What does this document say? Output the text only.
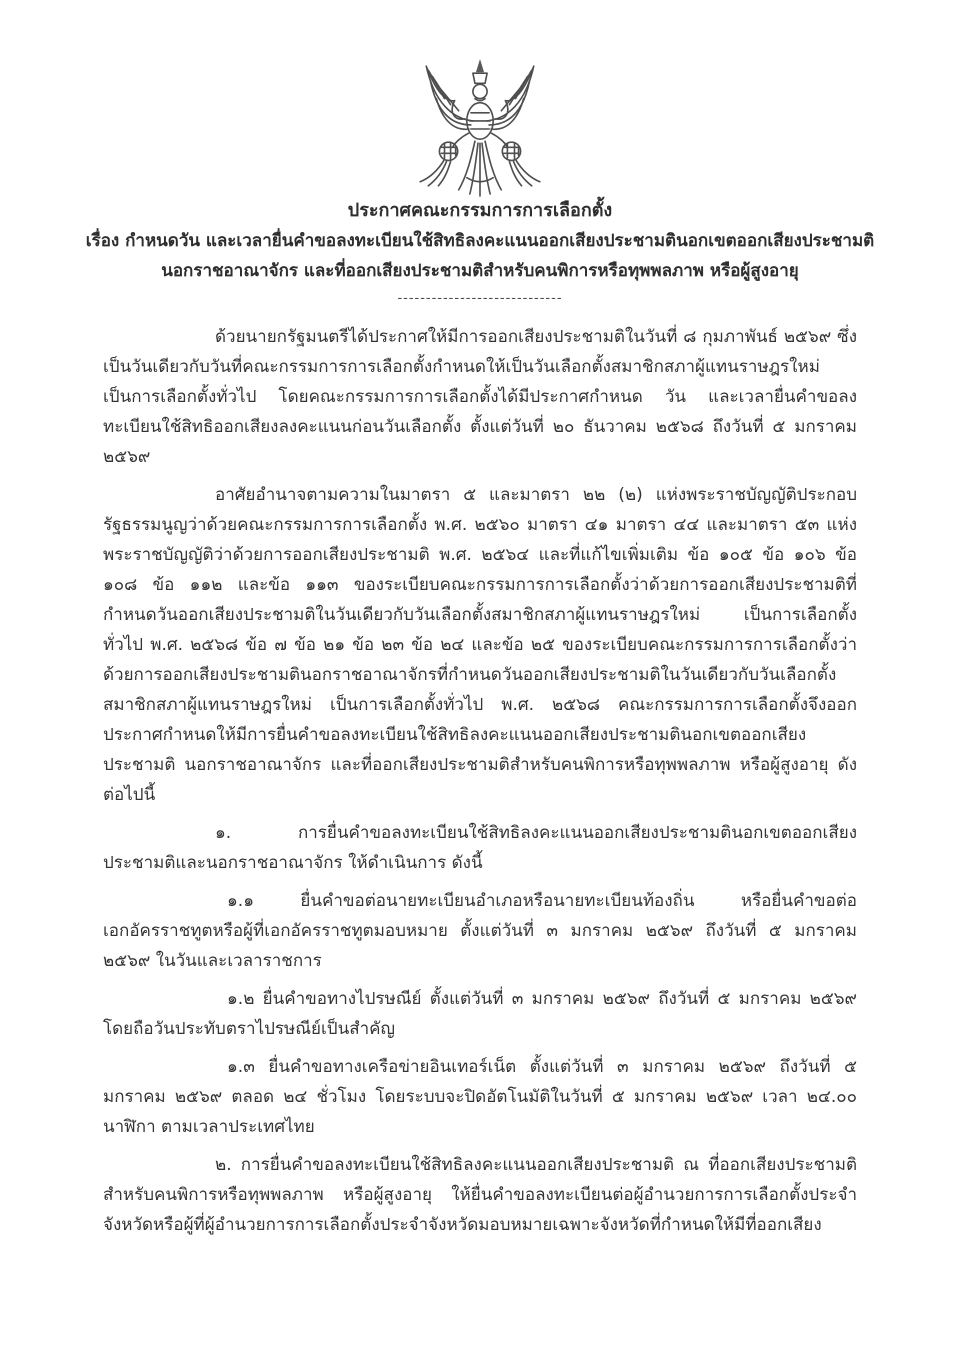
ประกาศคณะกรรมการการเลือกตั้ง
เรื่อง กำหนดวัน และเวลายื่นคำขอลงทะเบียนใช้สิทธิลงคะแนนออกเสียงประชามตินอกเขตออกเสียงประชามติ
นอกราชอาณาจักร และที่ออกเสียงประชามติสำหรับคนพิการหรือทุพพลภาพ หรือผู้สูงอายุ
-----------------------------

ด้วยนายกรัฐมนตรีได้ประกาศให้มีการออกเสียงประชามติในวันที่ ๘ กุมภาพันธ์ ๒๕๖๙ ซึ่งเป็นวันเดียวกับวันที่คณะกรรมการการเลือกตั้งกำหนดให้เป็นวันเลือกตั้งสมาชิกสภาผู้แทนราษฎรใหม่ เป็นการเลือกตั้งทั่วไป โดยคณะกรรมการการเลือกตั้งได้มีประกาศกำหนด วัน และเวลายื่นคำขอลงทะเบียนใช้สิทธิออกเสียงลงคะแนนก่อนวันเลือกตั้ง ตั้งแต่วันที่ ๒๐ ธันวาคม ๒๕๖๘ ถึงวันที่ ๕ มกราคม ๒๕๖๙

อาศัยอำนาจตามความในมาตรา ๕ และมาตรา ๒๒ (๒) แห่งพระราชบัญญัติประกอบรัฐธรรมนูญว่าด้วยคณะกรรมการการเลือกตั้ง พ.ศ. ๒๕๖๐ มาตรา ๔๑ มาตรา ๔๔ และมาตรา ๕๓ แห่งพระราชบัญญัติว่าด้วยการออกเสียงประชามติ พ.ศ. ๒๕๖๔ และที่แก้ไขเพิ่มเติม ข้อ ๑๐๕ ข้อ ๑๐๖ ข้อ ๑๐๘ ข้อ ๑๑๒ และข้อ ๑๑๓ ของระเบียบคณะกรรมการการเลือกตั้งว่าด้วยการออกเสียงประชามติที่กำหนดวันออกเสียงประชามติในวันเดียวกับวันเลือกตั้งสมาชิกสภาผู้แทนราษฎรใหม่ เป็นการเลือกตั้งทั่วไป พ.ศ. ๒๕๖๘ ข้อ ๗ ข้อ ๒๑ ข้อ ๒๓ ข้อ ๒๔ และข้อ ๒๕ ของระเบียบคณะกรรมการการเลือกตั้งว่าด้วยการออกเสียงประชามตินอกราชอาณาจักรที่กำหนดวันออกเสียงประชามติในวันเดียวกับวันเลือกตั้งสมาชิกสภาผู้แทนราษฎรใหม่ เป็นการเลือกตั้งทั่วไป พ.ศ. ๒๕๖๘ คณะกรรมการการเลือกตั้งจึงออกประกาศกำหนดให้มีการยื่นคำขอลงทะเบียนใช้สิทธิลงคะแนนออกเสียงประชามตินอกเขตออกเสียงประชามติ นอกราชอาณาจักร และที่ออกเสียงประชามติสำหรับคนพิการหรือทุพพลภาพ หรือผู้สูงอายุ ดังต่อไปนี้

๑. การยื่นคำขอลงทะเบียนใช้สิทธิลงคะแนนออกเสียงประชามตินอกเขตออกเสียงประชามติและนอกราชอาณาจักร ให้ดำเนินการ ดังนี้

๑.๑ ยื่นคำขอต่อนายทะเบียนอำเภอหรือนายทะเบียนท้องถิ่น หรือยื่นคำขอต่อเอกอัครราชทูตหรือผู้ที่เอกอัครราชทูตมอบหมาย ตั้งแต่วันที่ ๓ มกราคม ๒๕๖๙ ถึงวันที่ ๕ มกราคม ๒๕๖๙ ในวันและเวลาราชการ

๑.๒ ยื่นคำขอทางไปรษณีย์ ตั้งแต่วันที่ ๓ มกราคม ๒๕๖๙ ถึงวันที่ ๕ มกราคม ๒๕๖๙ โดยถือวันประทับตราไปรษณีย์เป็นสำคัญ

๑.๓ ยื่นคำขอทางเครือข่ายอินเทอร์เน็ต ตั้งแต่วันที่ ๓ มกราคม ๒๕๖๙ ถึงวันที่ ๕ มกราคม ๒๕๖๙ ตลอด ๒๔ ชั่วโมง โดยระบบจะปิดอัตโนมัติในวันที่ ๕ มกราคม ๒๕๖๙ เวลา ๒๔.๐๐ นาฬิกา ตามเวลาประเทศไทย

๒. การยื่นคำขอลงทะเบียนใช้สิทธิลงคะแนนออกเสียงประชามติ ณ ที่ออกเสียงประชามติสำหรับคนพิการหรือทุพพลภาพ หรือผู้สูงอายุ ให้ยื่นคำขอลงทะเบียนต่อผู้อำนวยการการเลือกตั้งประจำจังหวัดหรือผู้ที่ผู้อำนวยการการเลือกตั้งประจำจังหวัดมอบหมายเฉพาะจังหวัดที่กำหนดให้มีที่ออกเสียง
